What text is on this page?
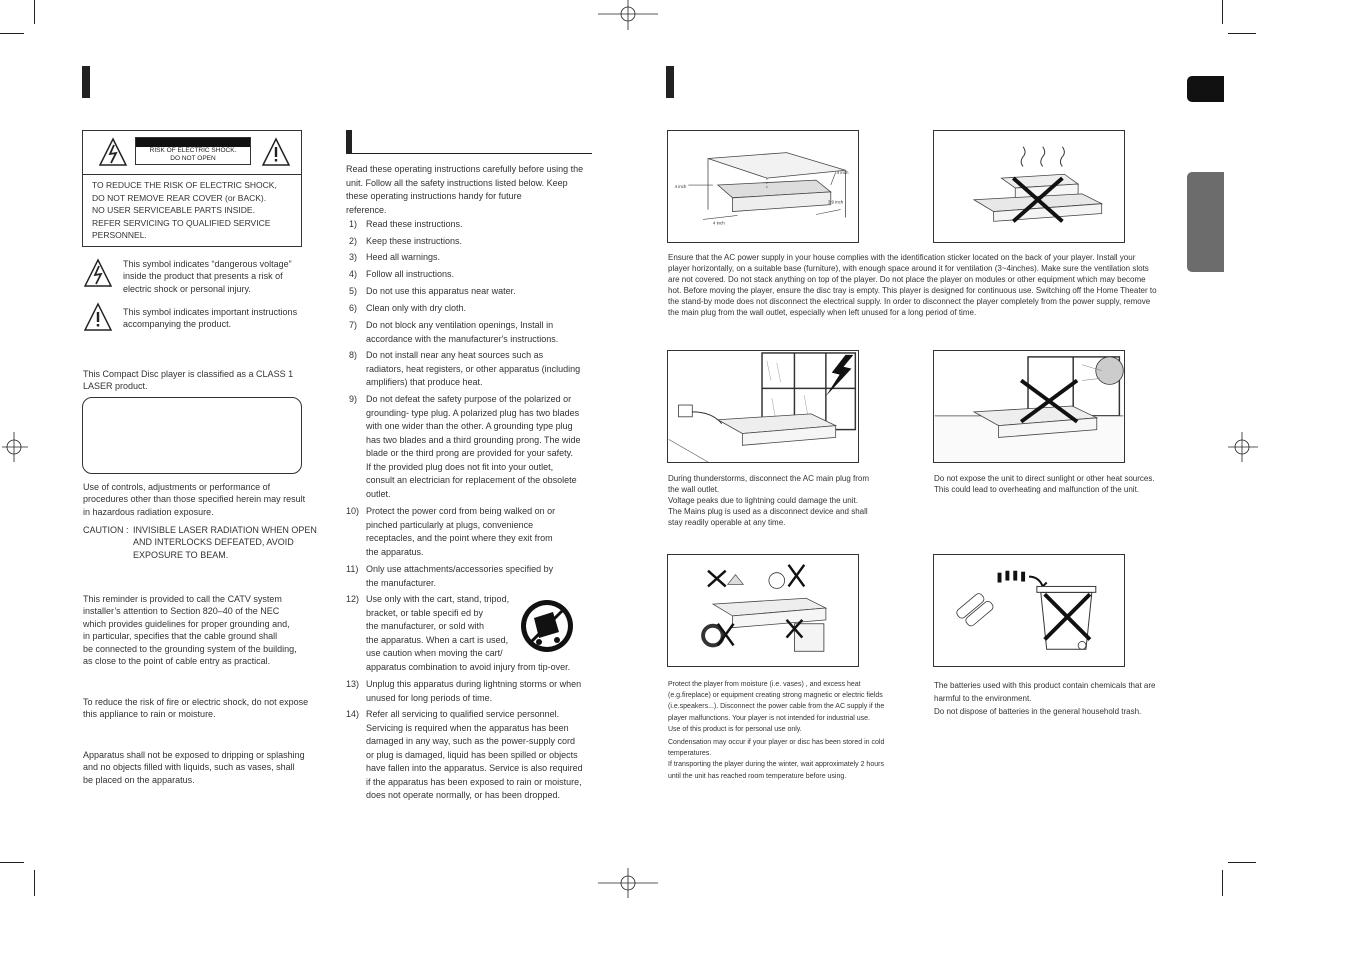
RISK OF ELECTRIC SHOCK.
DO NOT OPEN
TO REDUCE THE RISK OF ELECTRIC SHOCK,
DO NOT REMOVE REAR COVER (or BACK).
NO USER SERVICEABLE PARTS INSIDE.
REFER SERVICING TO QUALIFIED SERVICE
PERSONNEL.
This symbol indicates “dangerous voltage”
inside the product that presents a risk of
electric shock or personal injury.
This symbol indicates important instructions
accompanying the product.
This Compact Disc player is classified as a CLASS 1
LASER product.
Use of controls, adjustments or performance of
procedures other than those specified herein may result
in hazardous radiation exposure.
CAUTION : INVISIBLE LASER RADIATION WHEN OPEN
AND INTERLOCKS DEFEATED, AVOID
EXPOSURE TO BEAM.
This reminder is provided to call the CATV system
installer’s attention to Section 820–40 of the NEC
which provides guidelines for proper grounding and,
in particular, specifies that the cable ground shall
be connected to the grounding system of the building,
as close to the point of cable entry as practical.
To reduce the risk of fire or electric shock, do not expose
this appliance to rain or moisture.
Apparatus shall not be exposed to dripping or splashing
and no objects filled with liquids, such as vases, shall
be placed on the apparatus.
Read these operating instructions carefully before using the
unit. Follow all the safety instructions listed below. Keep
these operating instructions handy for future
reference.
1) Read these instructions.
2) Keep these instructions.
3) Heed all warnings.
4) Follow all instructions.
5) Do not use this apparatus near water.
6) Clean only with dry cloth.
7) Do not block any ventilation openings, Install in
accordance with the manufacturer's instructions.
8) Do not install near any heat sources such as
radiators, heat registers, or other apparatus (including
amplifiers) that produce heat.
9) Do not defeat the safety purpose of the polarized or
grounding- type plug. A polarized plug has two blades
with one wider than the other. A grounding type plug
has two blades and a third grounding prong. The wide
blade or the third prong are provided for your safety.
If the provided plug does not fit into your outlet,
consult an electrician for replacement of the obsolete
outlet.
10) Protect the power cord from being walked on or
pinched particularly at plugs, convenience
receptacles, and the point where they exit from
the apparatus.
11) Only use attachments/accessories specified by
the manufacturer.
12) Use only with the cart, stand, tripod,
bracket, or table specifi ed by
the manufacturer, or sold with
the apparatus. When a cart is used,
use caution when moving the cart/
apparatus combination to avoid injury from tip-over.
13) Unplug this apparatus during lightning storms or when
unused for long periods of time.
14) Refer all servicing to qualified service personnel.
Servicing is required when the apparatus has been
damaged in any way, such as the power-supply cord
or plug is damaged, liquid has been spilled or objects
have fallen into the apparatus. Service is also required
if the apparatus has been exposed to rain or moisture,
does not operate normally, or has been dropped.
4 inch
4 inch
4 inch
3.9 inch
Ensure that the AC power supply in your house complies with the identification sticker located on the back of your player. Install your
player horizontally, on a suitable base (furniture), with enough space around it for ventilation (3~4inches). Make sure the ventilation slots
are not covered. Do not stack anything on top of the player. Do not place the player on modules or other equipment which may become
hot. Before moving the player, ensure the disc tray is empty. This player is designed for continuous use. Switching off the Home Theater to
the stand-by mode does not disconnect the electrical supply. In order to disconnect the player completely from the power supply, remove
the main plug from the wall outlet, especially when left unused for a long period of time.
During thunderstorms, disconnect the AC main plug from
the wall outlet.
Voltage peaks due to lightning could damage the unit.
The Mains plug is used as a disconnect device and shall
stay readily operable at any time.
Do not expose the unit to direct sunlight or other heat sources.
This could lead to overheating and malfunction of the unit.
Protect the player from moisture (i.e. vases) , and excess heat
(e.g.fireplace) or equipment creating strong magnetic or electric fields
(i.e.speakers...). Disconnect the power cable from the AC supply if the
player malfunctions. Your player is not intended for industrial use.
Use of this product is for personal use only.
Condensation may occur if your player or disc has been stored in cold
temperatures.
If transporting the player during the winter, wait approximately 2 hours
until the unit has reached room temperature before using.
The batteries used with this product contain chemicals that are
harmful to the environment.
Do not dispose of batteries in the general household trash.
